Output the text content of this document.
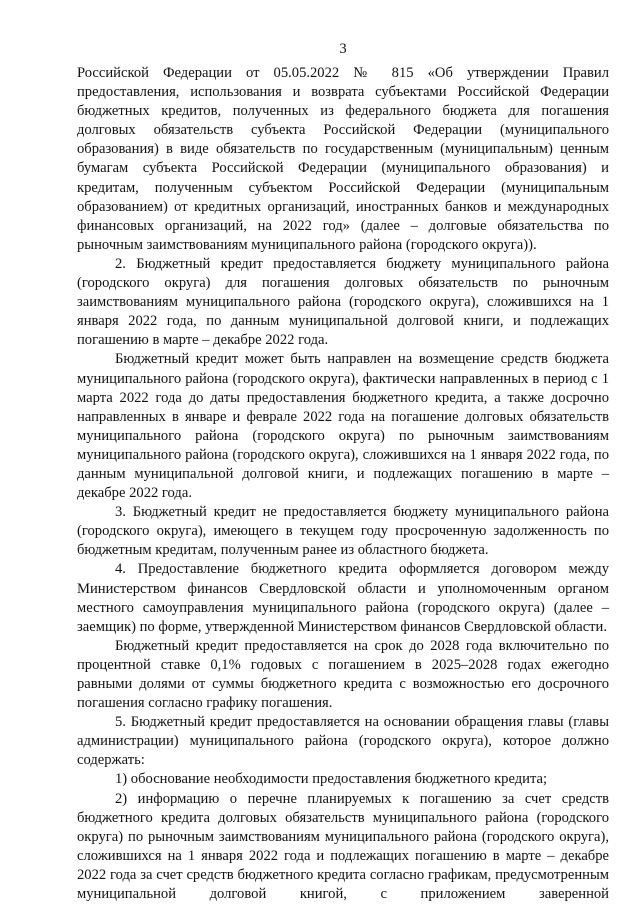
3

Российской Федерации от 05.05.2022 № 815 «Об утверждении Правил предоставления, использования и возврата субъектами Российской Федерации бюджетных кредитов, полученных из федерального бюджета для погашения долговых обязательств субъекта Российской Федерации (муниципального образования) в виде обязательств по государственным (муниципальным) ценным бумагам субъекта Российской Федерации (муниципального образования) и кредитам, полученным субъектом Российской Федерации (муниципальным образованием) от кредитных организаций, иностранных банков и международных финансовых организаций, на 2022 год» (далее – долговые обязательства по рыночным заимствованиям муниципального района (городского округа)).

2. Бюджетный кредит предоставляется бюджету муниципального района (городского округа) для погашения долговых обязательств по рыночным заимствованиям муниципального района (городского округа), сложившихся на 1 января 2022 года, по данным муниципальной долговой книги, и подлежащих погашению в марте – декабре 2022 года.

Бюджетный кредит может быть направлен на возмещение средств бюджета муниципального района (городского округа), фактически направленных в период с 1 марта 2022 года до даты предоставления бюджетного кредита, а также досрочно направленных в январе и феврале 2022 года на погашение долговых обязательств муниципального района (городского округа) по рыночным заимствованиям муниципального района (городского округа), сложившихся на 1 января 2022 года, по данным муниципальной долговой книги, и подлежащих погашению в марте – декабре 2022 года.

3. Бюджетный кредит не предоставляется бюджету муниципального района (городского округа), имеющего в текущем году просроченную задолженность по бюджетным кредитам, полученным ранее из областного бюджета.

4. Предоставление бюджетного кредита оформляется договором между Министерством финансов Свердловской области и уполномоченным органом местного самоуправления муниципального района (городского округа) (далее – заемщик) по форме, утвержденной Министерством финансов Свердловской области.

Бюджетный кредит предоставляется на срок до 2028 года включительно по процентной ставке 0,1% годовых с погашением в 2025–2028 годах ежегодно равными долями от суммы бюджетного кредита с возможностью его досрочного погашения согласно графику погашения.

5. Бюджетный кредит предоставляется на основании обращения главы (главы администрации) муниципального района (городского округа), которое должно содержать:

1) обоснование необходимости предоставления бюджетного кредита;

2) информацию о перечне планируемых к погашению за счет средств бюджетного кредита долговых обязательств муниципального района (городского округа) по рыночным заимствованиям муниципального района (городского округа), сложившихся на 1 января 2022 года и подлежащих погашению в марте – декабре 2022 года за счет средств бюджетного кредита согласно графикам, предусмотренным муниципальной долговой книгой, с приложением заверенной
